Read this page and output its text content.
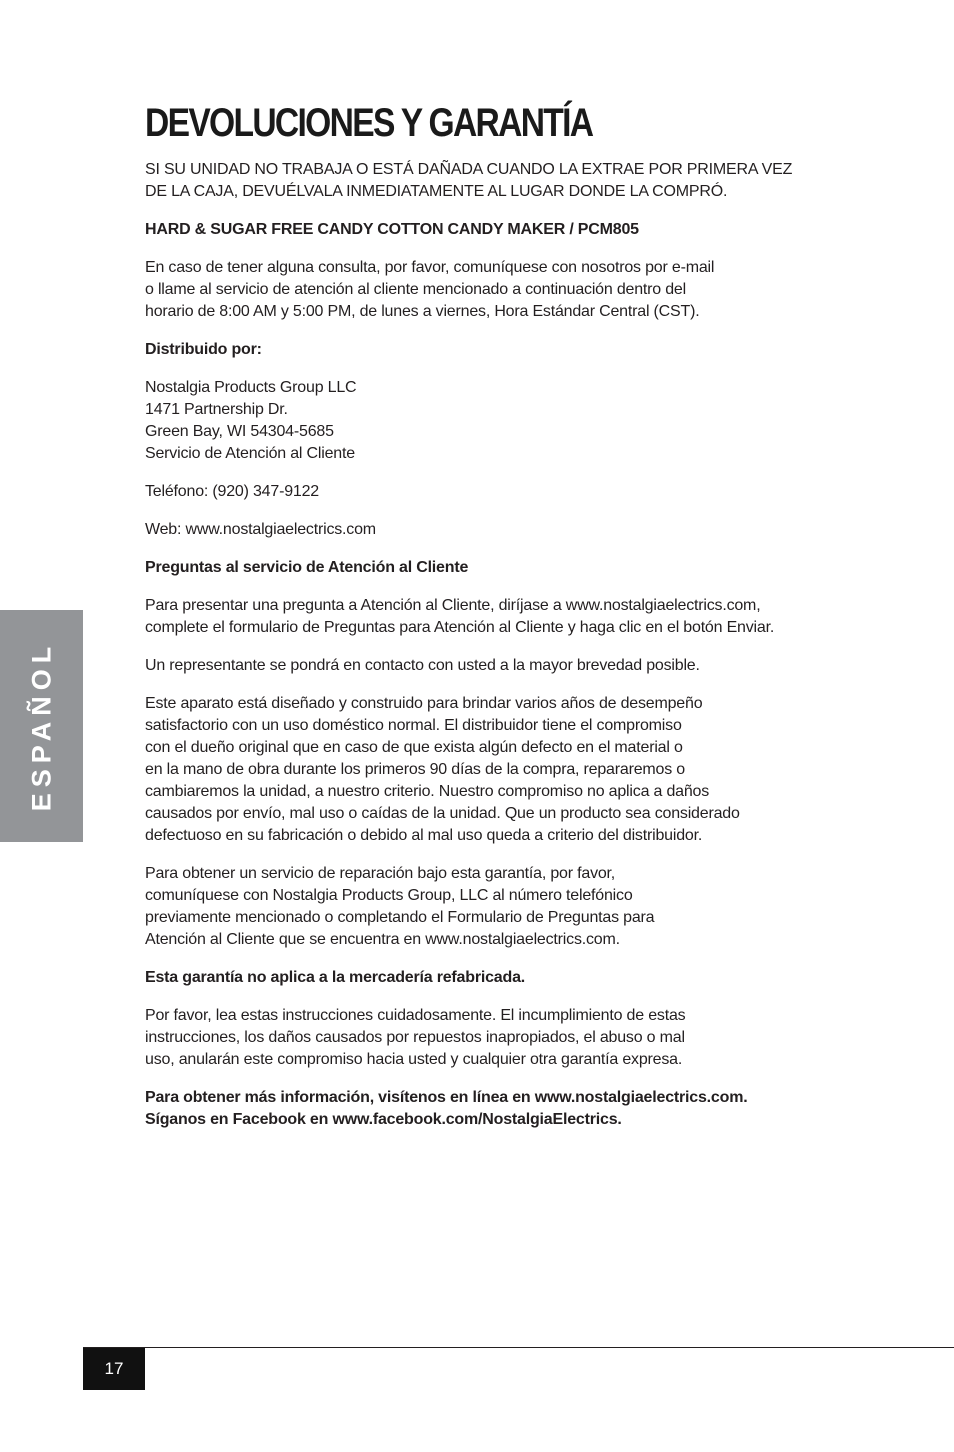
DEVOLUCIONES Y GARANTÍA

SI SU UNIDAD NO TRABAJA O ESTÁ DAÑADA CUANDO LA EXTRAE POR PRIMERA VEZ
DE LA CAJA, DEVUÉLVALA INMEDIATAMENTE AL LUGAR DONDE LA COMPRÓ.

HARD & SUGAR FREE CANDY COTTON CANDY MAKER / PCM805

En caso de tener alguna consulta, por favor, comuníquese con nosotros por e-mail
o llame al servicio de atención al cliente mencionado a continuación dentro del
horario de 8:00 AM y 5:00 PM, de lunes a viernes, Hora Estándar Central (CST).

Distribuido por:

Nostalgia Products Group LLC
1471 Partnership Dr.
Green Bay, WI 54304-5685
Servicio de Atención al Cliente

Teléfono: (920) 347-9122

Web: www.nostalgiaelectrics.com

Preguntas al servicio de Atención al Cliente

Para presentar una pregunta a Atención al Cliente, diríjase a www.nostalgiaelectrics.com,
complete el formulario de Preguntas para Atención al Cliente y haga clic en el botón Enviar.

Un representante se pondrá en contacto con usted a la mayor brevedad posible.

Este aparato está diseñado y construido para brindar varios años de desempeño
satisfactorio con un uso doméstico normal. El distribuidor tiene el compromiso
con el dueño original que en caso de que exista algún defecto en el material o
en la mano de obra durante los primeros 90 días de la compra, repararemos o
cambiaremos la unidad, a nuestro criterio. Nuestro compromiso no aplica a daños
causados por envío, mal uso o caídas de la unidad. Que un producto sea considerado
defectuoso en su fabricación o debido al mal uso queda a criterio del distribuidor.

Para obtener un servicio de reparación bajo esta garantía, por favor,
comuníquese con Nostalgia Products Group, LLC al número telefónico
previamente mencionado o completando el Formulario de Preguntas para
Atención al Cliente que se encuentra en www.nostalgiaelectrics.com.

Esta garantía no aplica a la mercadería refabricada.

Por favor, lea estas instrucciones cuidadosamente. El incumplimiento de estas
instrucciones, los daños causados por repuestos inapropiados, el abuso o mal
uso, anularán este compromiso hacia usted y cualquier otra garantía expresa.

Para obtener más información, visítenos en línea en www.nostalgiaelectrics.com.
Síganos en Facebook en www.facebook.com/NostalgiaElectrics.

ESPAÑOL
17
